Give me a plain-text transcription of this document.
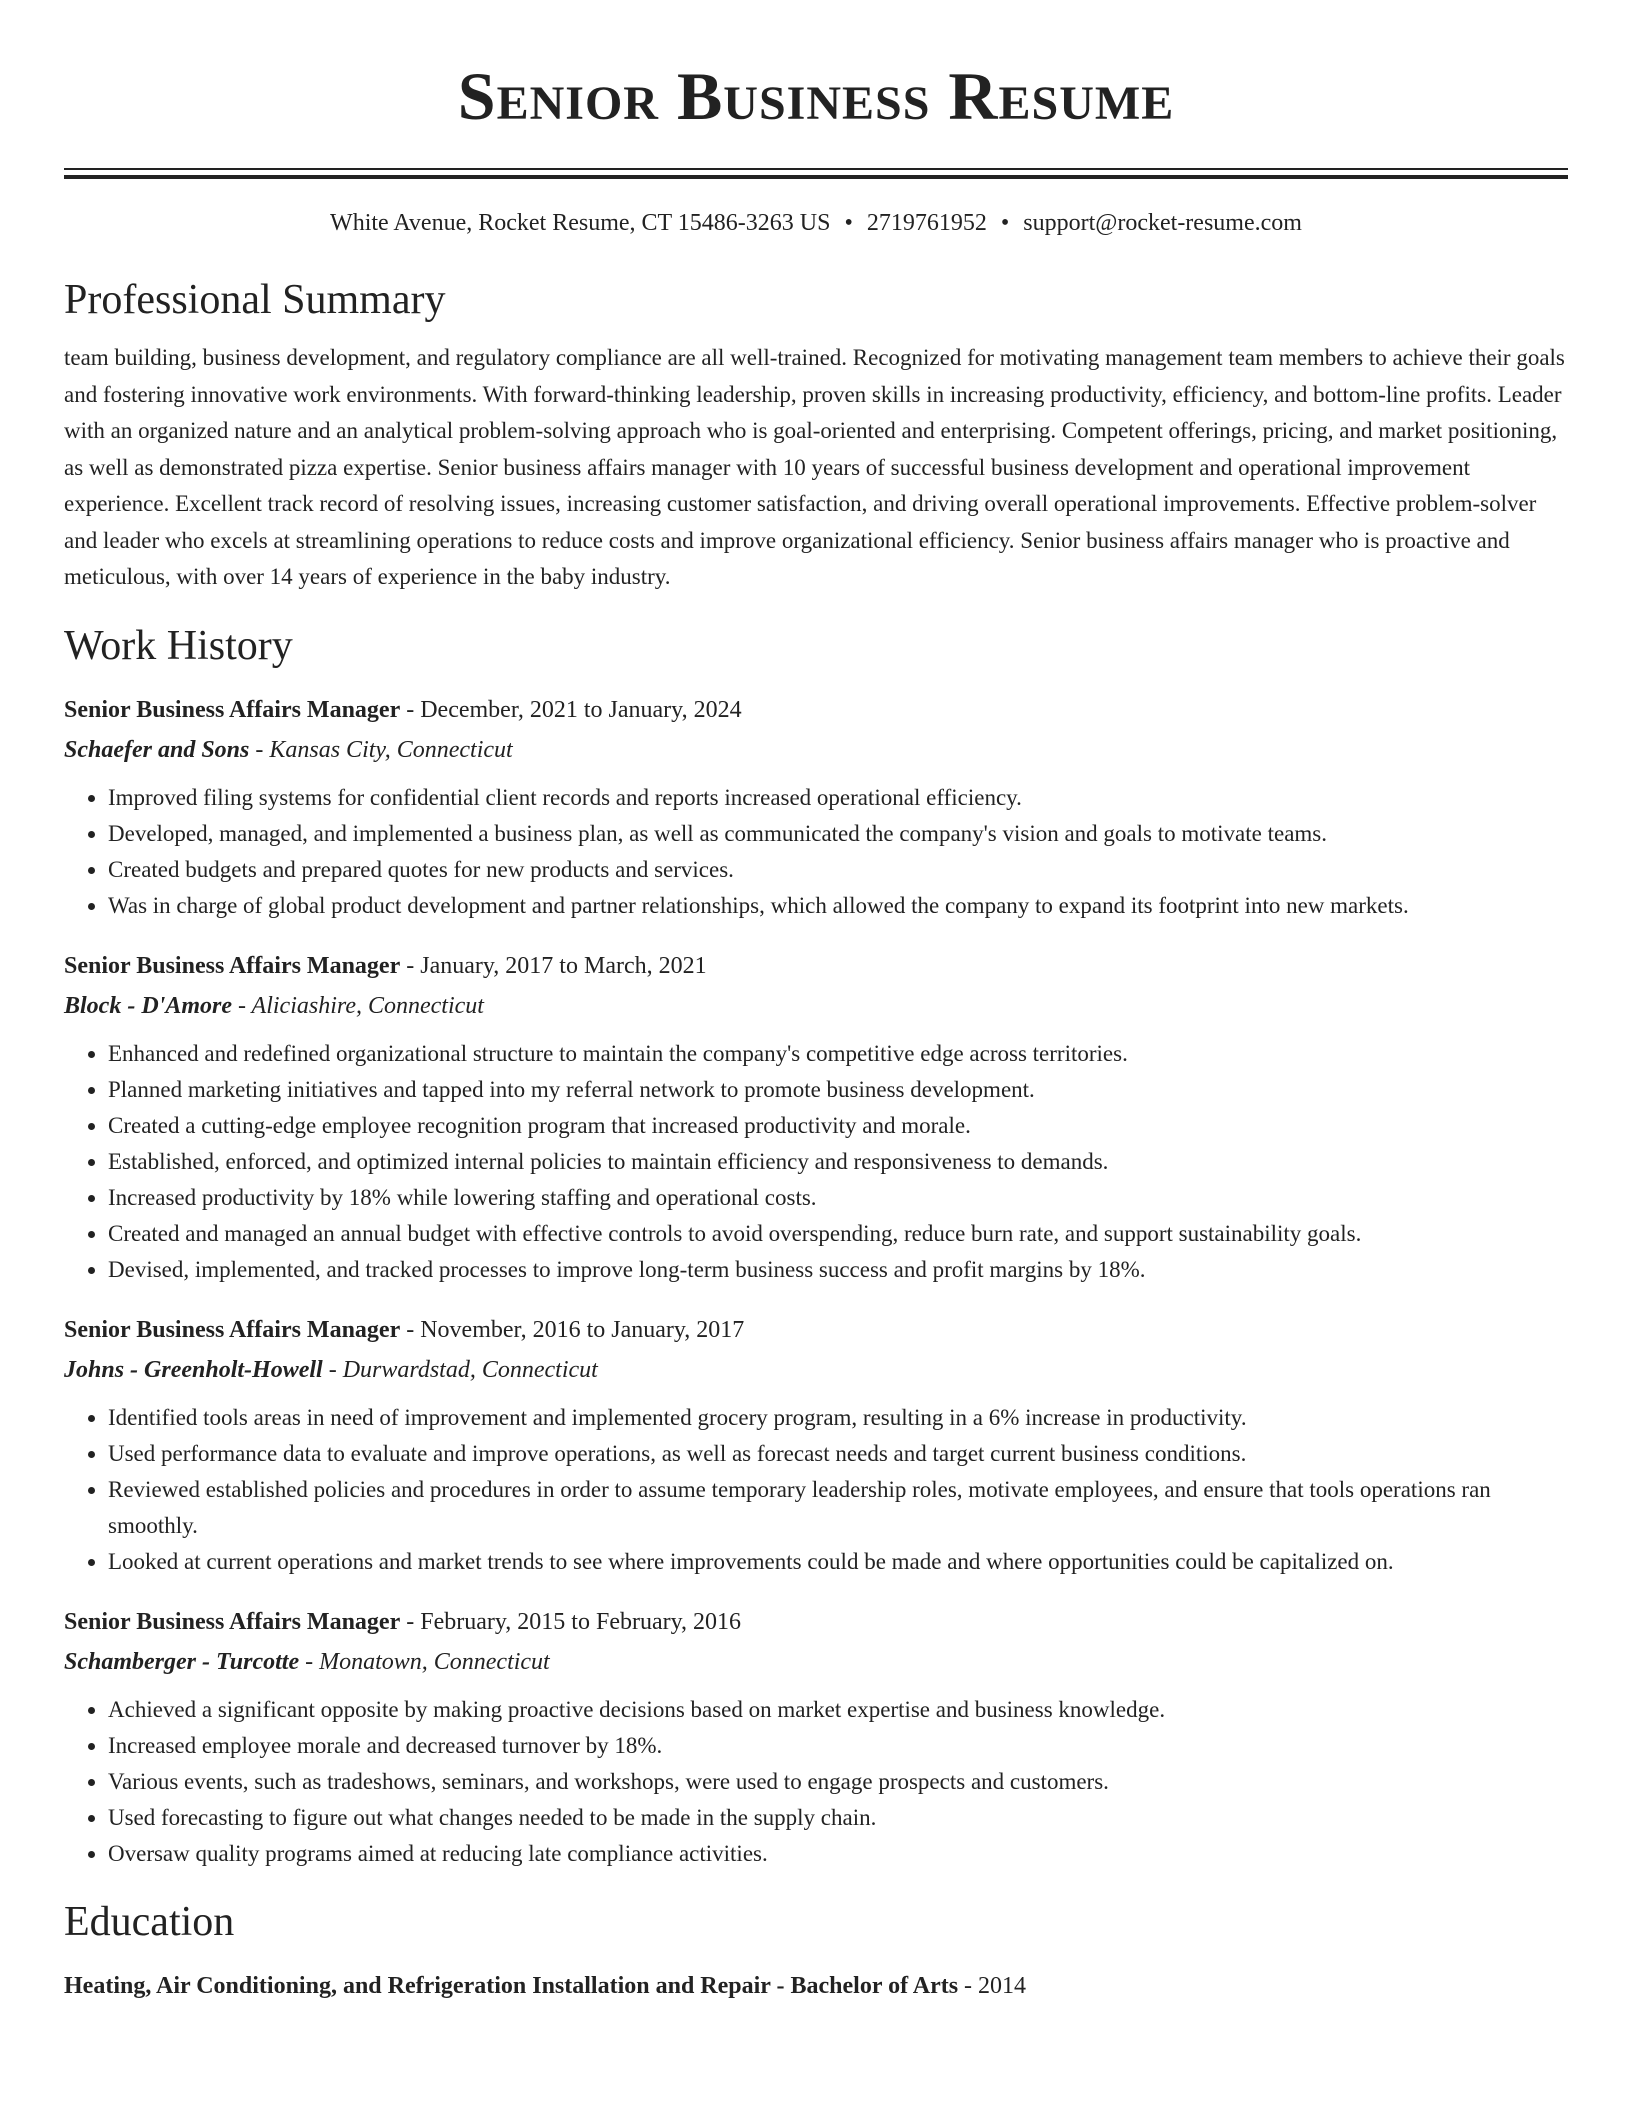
Senior Business Resume
White Avenue, Rocket Resume, CT 15486-3263 US • 2719761952 • support@rocket-resume.com
Professional Summary
team building, business development, and regulatory compliance are all well-trained. Recognized for motivating management team members to achieve their goals and fostering innovative work environments. With forward-thinking leadership, proven skills in increasing productivity, efficiency, and bottom-line profits. Leader with an organized nature and an analytical problem-solving approach who is goal-oriented and enterprising. Competent offerings, pricing, and market positioning, as well as demonstrated pizza expertise. Senior business affairs manager with 10 years of successful business development and operational improvement experience. Excellent track record of resolving issues, increasing customer satisfaction, and driving overall operational improvements. Effective problem-solver and leader who excels at streamlining operations to reduce costs and improve organizational efficiency. Senior business affairs manager who is proactive and meticulous, with over 14 years of experience in the baby industry.
Work History
Senior Business Affairs Manager - December, 2021 to January, 2024
Schaefer and Sons - Kansas City, Connecticut
• Improved filing systems for confidential client records and reports increased operational efficiency.
• Developed, managed, and implemented a business plan, as well as communicated the company's vision and goals to motivate teams.
• Created budgets and prepared quotes for new products and services.
• Was in charge of global product development and partner relationships, which allowed the company to expand its footprint into new markets.
Senior Business Affairs Manager - January, 2017 to March, 2021
Block - D'Amore - Aliciashire, Connecticut
• Enhanced and redefined organizational structure to maintain the company's competitive edge across territories.
• Planned marketing initiatives and tapped into my referral network to promote business development.
• Created a cutting-edge employee recognition program that increased productivity and morale.
• Established, enforced, and optimized internal policies to maintain efficiency and responsiveness to demands.
• Increased productivity by 18% while lowering staffing and operational costs.
• Created and managed an annual budget with effective controls to avoid overspending, reduce burn rate, and support sustainability goals.
• Devised, implemented, and tracked processes to improve long-term business success and profit margins by 18%.
Senior Business Affairs Manager - November, 2016 to January, 2017
Johns - Greenholt-Howell - Durwardstad, Connecticut
• Identified tools areas in need of improvement and implemented grocery program, resulting in a 6% increase in productivity.
• Used performance data to evaluate and improve operations, as well as forecast needs and target current business conditions.
• Reviewed established policies and procedures in order to assume temporary leadership roles, motivate employees, and ensure that tools operations ran smoothly.
• Looked at current operations and market trends to see where improvements could be made and where opportunities could be capitalized on.
Senior Business Affairs Manager - February, 2015 to February, 2016
Schamberger - Turcotte - Monatown, Connecticut
• Achieved a significant opposite by making proactive decisions based on market expertise and business knowledge.
• Increased employee morale and decreased turnover by 18%.
• Various events, such as tradeshows, seminars, and workshops, were used to engage prospects and customers.
• Used forecasting to figure out what changes needed to be made in the supply chain.
• Oversaw quality programs aimed at reducing late compliance activities.
Education
Heating, Air Conditioning, and Refrigeration Installation and Repair - Bachelor of Arts - 2014
